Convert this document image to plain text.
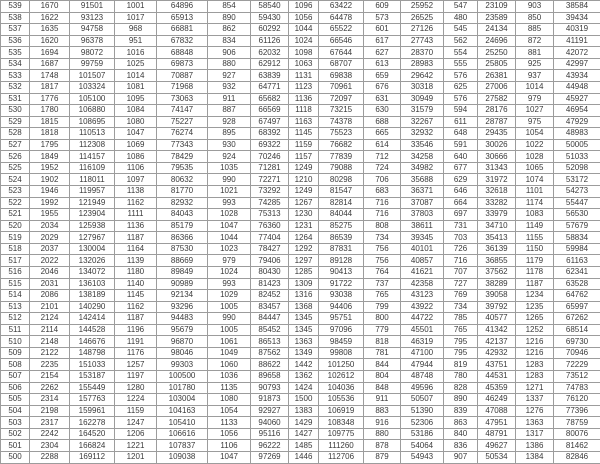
539	1670	91501	1001	64896	854	58540	1096	63422	609	25952	547	23109	903	38584
538	1622	93123	1017	65913	890	59430	1056	64478	573	26525	480	23589	850	39434
537	1635	94758	968	66881	862	60292	1044	65522	601	27126	545	24134	885	40319
536	1620	96378	951	67832	834	61126	1024	66546	617	27743	562	24696	872	41191
535	1694	98072	1016	68848	906	62032	1098	67644	627	28370	554	25250	881	42072
534	1687	99759	1025	69873	880	62912	1063	68707	613	28983	555	25805	925	42997
533	1748	101507	1014	70887	927	63839	1131	69838	659	29642	576	26381	937	43934
532	1817	103324	1081	71968	932	64771	1123	70961	676	30318	625	27006	1014	44948
531	1776	105100	1095	73063	911	65682	1136	72097	631	30949	576	27582	979	45927
530	1780	106880	1084	74147	887	66569	1118	73215	630	31579	594	28176	1027	46954
529	1815	108695	1080	75227	928	67497	1163	74378	688	32267	611	28787	975	47929
528	1818	110513	1047	76274	895	68392	1145	75523	665	32932	648	29435	1054	48983
527	1795	112308	1069	77343	930	69322	1159	76682	614	33546	591	30026	1022	50005
526	1849	114157	1086	78429	924	70246	1157	77839	712	34258	640	30666	1028	51033
525	1952	116109	1106	79535	1035	71281	1249	79088	724	34982	677	31343	1065	52098
524	1902	118011	1097	80632	990	72271	1210	80298	706	35688	629	31972	1074	53172
523	1946	119957	1138	81770	1021	73292	1249	81547	683	36371	646	32618	1101	54273
522	1992	121949	1162	82932	993	74285	1267	82814	716	37087	664	33282	1174	55447
521	1955	123904	1111	84043	1028	75313	1230	84044	716	37803	697	33979	1083	56530
520	2034	125938	1136	85179	1047	76360	1231	85275	808	38611	731	34710	1149	57679
519	2029	127967	1187	86366	1044	77404	1264	86539	734	39345	703	35413	1155	58834
518	2037	130004	1164	87530	1023	78427	1292	87831	756	40101	726	36139	1150	59984
517	2022	132026	1139	88669	979	79406	1297	89128	756	40857	716	36855	1179	61163
516	2046	134072	1180	89849	1024	80430	1285	90413	764	41621	707	37562	1178	62341
515	2031	136103	1140	90989	993	81423	1309	91722	737	42358	727	38289	1187	63528
514	2086	138189	1145	92134	1029	82452	1316	93038	765	43123	769	39058	1234	64762
513	2101	140290	1162	93296	1005	83457	1368	94406	799	43922	734	39792	1235	65997
512	2124	142414	1187	94483	990	84447	1345	95751	800	44722	785	40577	1265	67262
511	2114	144528	1196	95679	1005	85452	1345	97096	779	45501	765	41342	1252	68514
510	2148	146676	1191	96870	1061	86513	1363	98459	818	46319	795	42137	1216	69730
509	2122	148798	1176	98046	1049	87562	1349	99808	781	47100	795	42932	1216	70946
508	2235	151033	1257	99303	1060	88622	1442	101250	844	47944	819	43751	1283	72229
507	2154	153187	1197	100500	1036	89658	1362	102612	804	48748	780	44531	1283	73512
506	2262	155449	1280	101780	1135	90793	1424	104036	848	49596	828	45359	1271	74783
505	2314	157763	1224	103004	1080	91873	1500	105536	911	50507	890	46249	1337	76120
504	2198	159961	1159	104163	1054	92927	1383	106919	883	51390	839	47088	1276	77396
503	2317	162278	1247	105410	1133	94060	1429	108348	916	52306	863	47951	1363	78759
502	2242	164520	1206	106616	1056	95116	1427	109775	880	53186	840	48791	1317	80076
501	2304	166824	1221	107837	1106	96222	1485	111260	878	54064	836	49627	1386	81462
500	2288	169112	1201	109038	1047	97269	1446	112706	879	54943	907	50534	1384	82846
